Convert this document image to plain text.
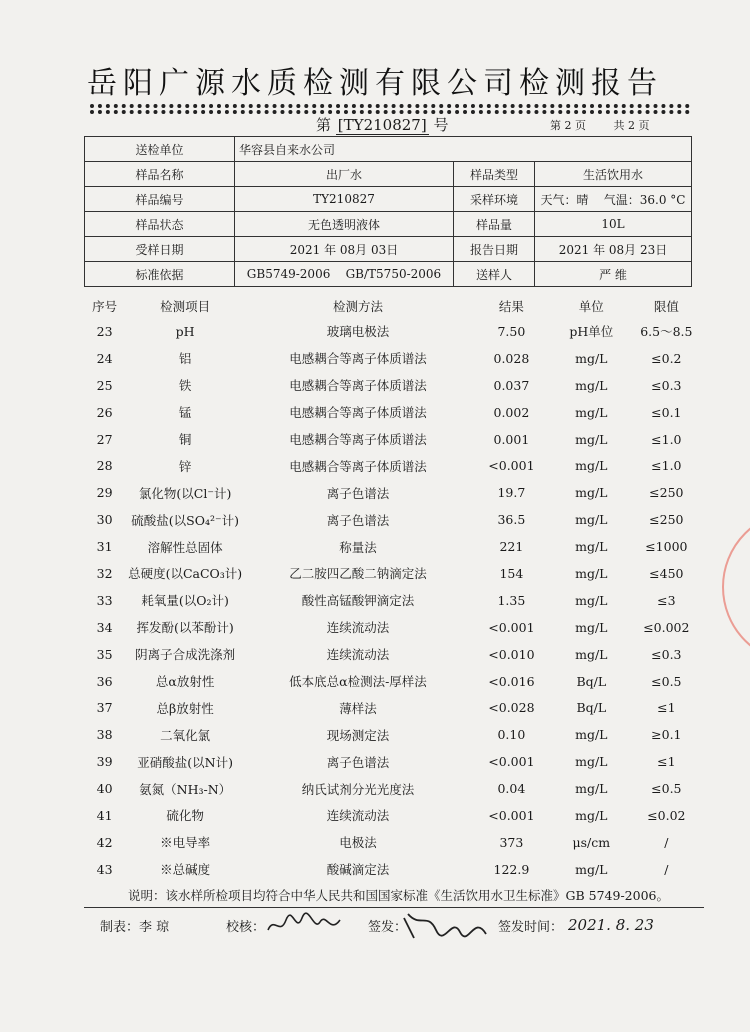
岳阳广源水质检测有限公司检测报告
第 [TY210827] 号	第 2 页	共 2 页
送检单位	华容县自来水公司		
样品名称	出厂水	样品类型	生活饮用水
样品编号	TY210827	采样环境	天气：晴    气温：36.0 °C
样品状态	无色透明液体	样品量	10L
受样日期	2021 年 08月 03日	报告日期	2021 年 08月 23日
标准依据	GB5749-2006    GB/T5750-2006	送样人	严 维
序号	检测项目	检测方法	结果	单位	限值
23	pH	玻璃电极法	7.50	pH单位	6.5～8.5
24	铝	电感耦合等离子体质谱法	0.028	mg/L	≤0.2
25	铁	电感耦合等离子体质谱法	0.037	mg/L	≤0.3
26	锰	电感耦合等离子体质谱法	0.002	mg/L	≤0.1
27	铜	电感耦合等离子体质谱法	0.001	mg/L	≤1.0
28	锌	电感耦合等离子体质谱法	<0.001	mg/L	≤1.0
29	氯化物(以Cl⁻计)	离子色谱法	19.7	mg/L	≤250
30	硫酸盐(以SO₄²⁻计)	离子色谱法	36.5	mg/L	≤250
31	溶解性总固体	称量法	221	mg/L	≤1000
32	总硬度(以CaCO₃计)	乙二胺四乙酸二钠滴定法	154	mg/L	≤450
33	耗氧量(以O₂计)	酸性高锰酸钾滴定法	1.35	mg/L	≤3
34	挥发酚(以苯酚计)	连续流动法	<0.001	mg/L	≤0.002
35	阴离子合成洗涤剂	连续流动法	<0.010	mg/L	≤0.3
36	总α放射性	低本底总α检测法-厚样法	<0.016	Bq/L	≤0.5
37	总β放射性	薄样法	<0.028	Bq/L	≤1
38	二氧化氯	现场测定法	0.10	mg/L	≥0.1
39	亚硝酸盐(以N计)	离子色谱法	<0.001	mg/L	≤1
40	氨氮（NH₃-N）	纳氏试剂分光光度法	0.04	mg/L	≤0.5
41	硫化物	连续流动法	<0.001	mg/L	≤0.02
42	※电导率	电极法	373	μs/cm	/
43	※总碱度	酸碱滴定法	122.9	mg/L	/
说明：该水样所检项目均符合中华人民共和国国家标准《生活饮用水卫生标准》GB 5749-2006。
制表：李 琼	校核：	签发：	签发时间： 2021. 8. 23
